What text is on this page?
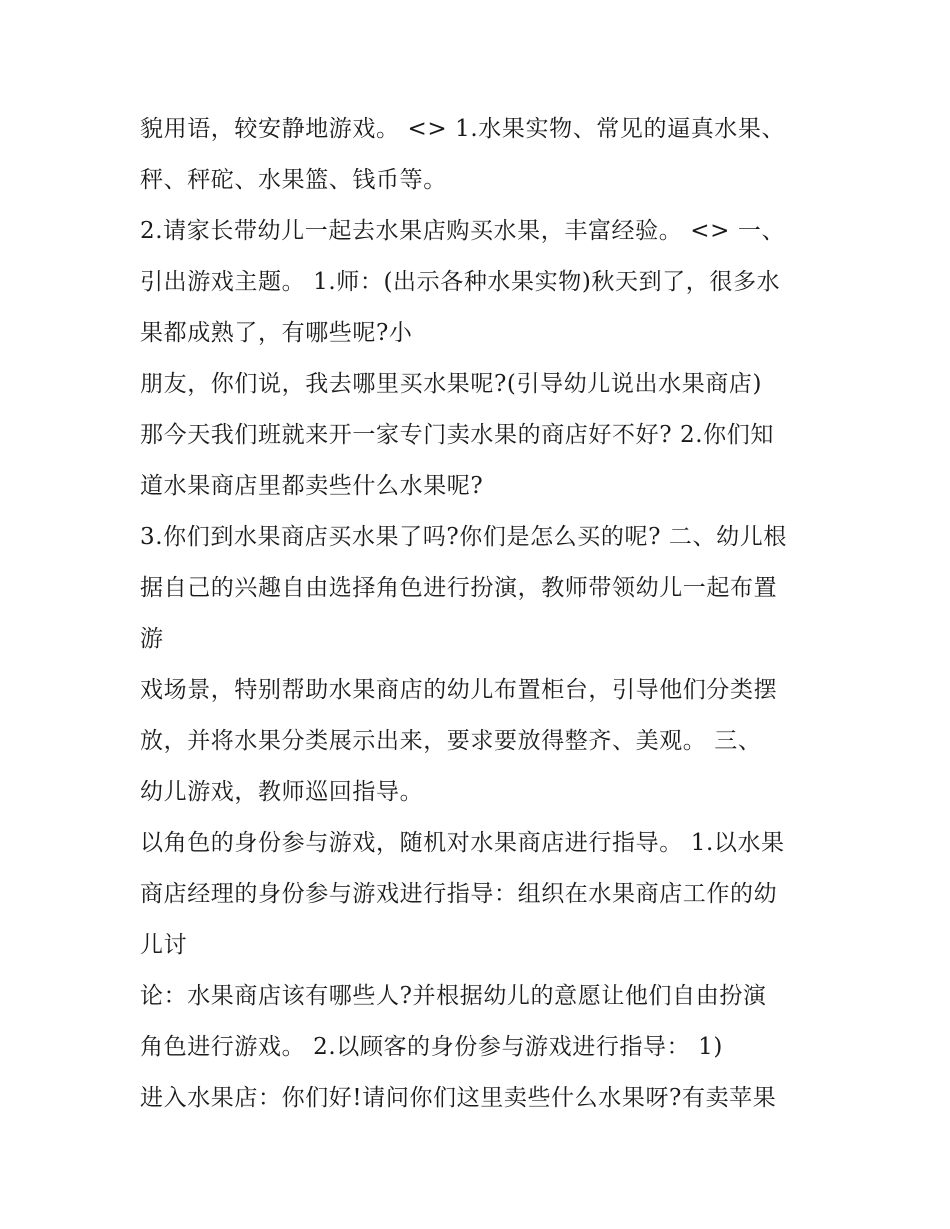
貌用语，较安静地游戏。 <> 1.水果实物、常见的逼真水果、
秤、秤砣、水果篮、钱币等。
2.请家长带幼儿一起去水果店购买水果，丰富经验。 <> 一、
引出游戏主题。 1.师：(出示各种水果实物)秋天到了，很多水
果都成熟了，有哪些呢?小
朋友，你们说，我去哪里买水果呢?(引导幼儿说出水果商店)
那今天我们班就来开一家专门卖水果的商店好不好? 2.你们知
道水果商店里都卖些什么水果呢?
3.你们到水果商店买水果了吗?你们是怎么买的呢? 二、幼儿根
据自己的兴趣自由选择角色进行扮演，教师带领幼儿一起布置
游
戏场景，特别帮助水果商店的幼儿布置柜台，引导他们分类摆
放，并将水果分类展示出来，要求要放得整齐、美观。 三、
幼儿游戏，教师巡回指导。
以角色的身份参与游戏，随机对水果商店进行指导。 1.以水果
商店经理的身份参与游戏进行指导：组织在水果商店工作的幼
儿讨
论：水果商店该有哪些人?并根据幼儿的意愿让他们自由扮演
角色进行游戏。 2.以顾客的身份参与游戏进行指导： 1)
进入水果店：你们好!请问你们这里卖些什么水果呀?有卖苹果
